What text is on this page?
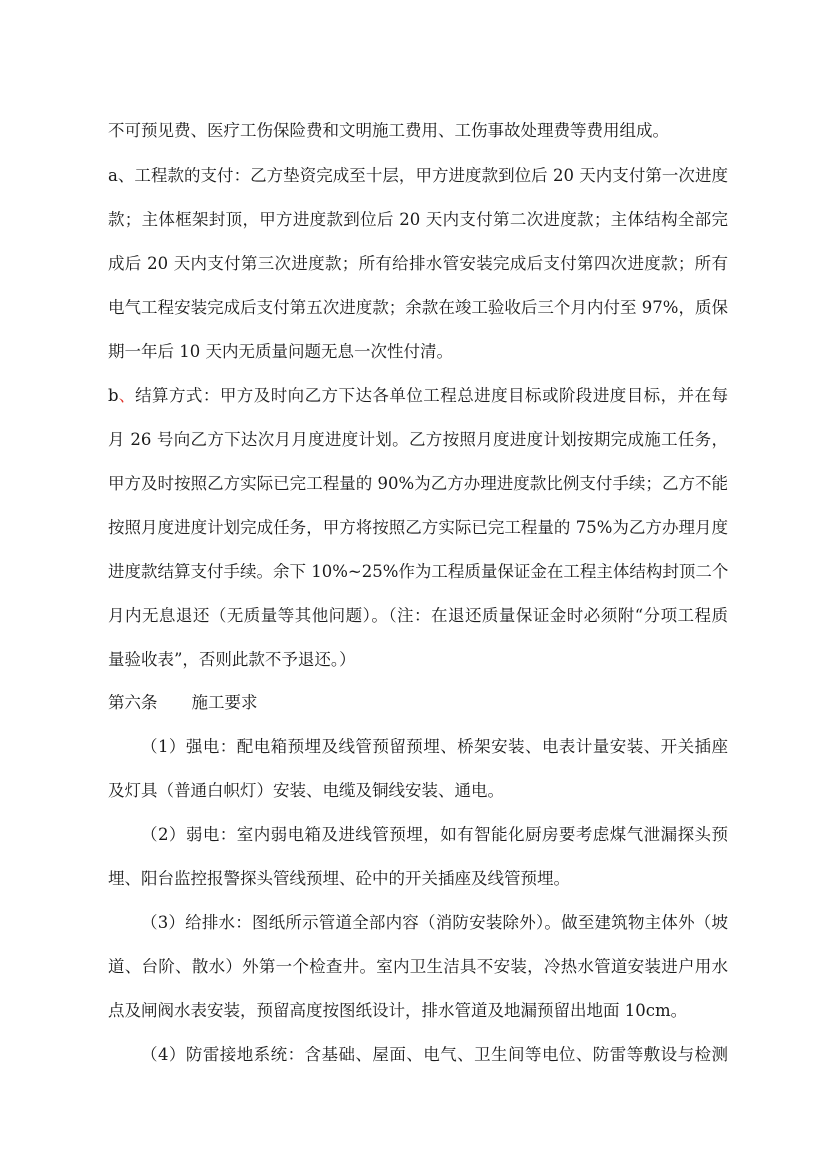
不可预见费、医疗工伤保险费和文明施工费用、工伤事故处理费等费用组成。
a、工程款的支付：乙方垫资完成至十层，甲方进度款到位后 20 天内支付第一次进度
款；主体框架封顶，甲方进度款到位后 20 天内支付第二次进度款；主体结构全部完
成后 20 天内支付第三次进度款；所有给排水管安装完成后支付第四次进度款；所有
电气工程安装完成后支付第五次进度款；余款在竣工验收后三个月内付至 97%，质保
期一年后 10 天内无质量问题无息一次性付清。
b 、 结算方式：甲方及时向乙方下达各单位工程总进度目标或阶段进度目标，并在每
月 26 号向乙方下达次月月度进度计划。乙方按照月度进度计划按期完成施工任务，
甲方及时按照乙方实际已完工程量的 90%为乙方办理进度款比例支付手续；乙方不能
按照月度进度计划完成任务，甲方将按照乙方实际已完工程量的 75%为乙方办理月度
进度款结算支付手续。余下 10%~25%作为工程质量保证金在工程主体结构封顶二个
月内无息退还（无质量等其他问题）。（注：在退还质量保证金时必须附“分项工程质
量验收表”，否则此款不予退还。）
第六条 施工要求
（1）强电：配电箱预埋及线管预留预埋、桥架安装、电表计量安装、开关插座
及灯具（普通白帜灯）安装、电缆及铜线安装、通电。
（2）弱电：室内弱电箱及进线管预埋，如有智能化厨房要考虑煤气泄漏探头预
埋、阳台监控报警探头管线预埋、砼中的开关插座及线管预埋。
（3）给排水：图纸所示管道全部内容（消防安装除外）。做至建筑物主体外（坡
道、台阶、散水）外第一个检查井。室内卫生洁具不安装，冷热水管道安装进户用水
点及闸阀水表安装，预留高度按图纸设计，排水管道及地漏预留出地面 10cm。
（4）防雷接地系统：含基础、屋面、电气、卫生间等电位、防雷等敷设与检测
